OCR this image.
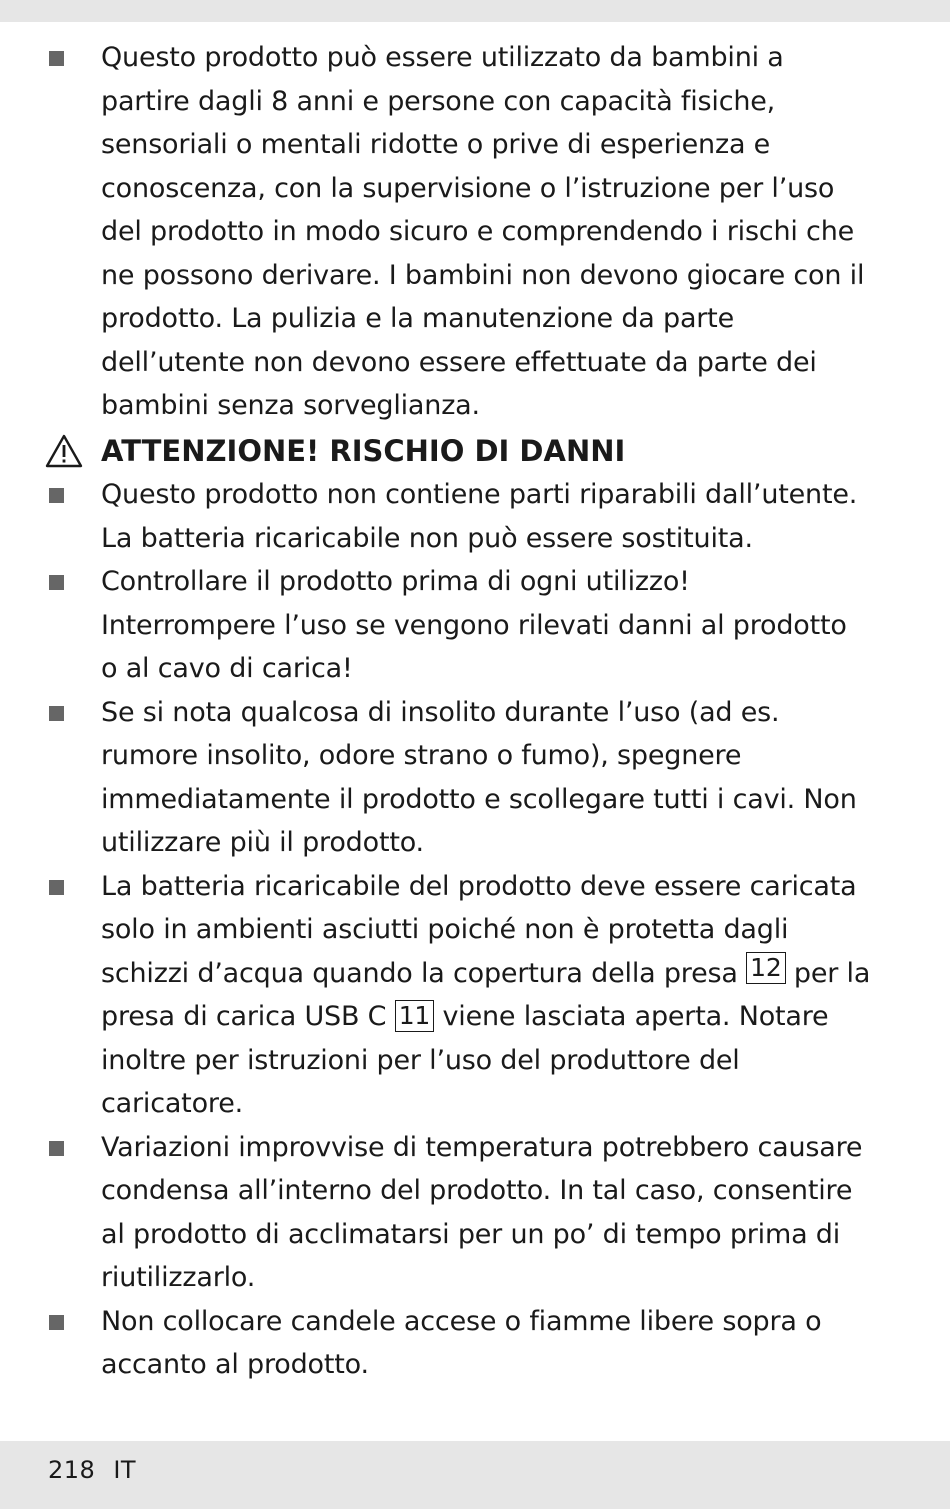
Questo prodotto può essere utilizzato da bambini a partire dagli 8 anni e persone con capacità fisiche, sensoriali o mentali ridotte o prive di esperienza e conoscenza, con la supervisione o l’istruzione per l’uso del prodotto in modo sicuro e comprendendo i rischi che ne possono derivare. I bambini non devono giocare con il prodotto. La pulizia e la manutenzione da parte dell’utente non devono essere effettuate da parte dei bambini senza sorveglianza.
ATTENZIONE! RISCHIO DI DANNI
Questo prodotto non contiene parti riparabili dall’utente. La batteria ricaricabile non può essere sostituita.
Controllare il prodotto prima di ogni utilizzo! Interrompere l’uso se vengono rilevati danni al prodotto o al cavo di carica!
Se si nota qualcosa di insolito durante l’uso (ad es. rumore insolito, odore strano o fumo), spegnere immediatamente il prodotto e scollegare tutti i cavi. Non utilizzare più il prodotto.
La batteria ricaricabile del prodotto deve essere caricata solo in ambienti asciutti poiché non è protetta dagli schizzi d’acqua quando la copertura della presa 12 per la presa di carica USB C 11 viene lasciata aperta. Notare inoltre per istruzioni per l’uso del produttore del caricatore.
Variazioni improvvise di temperatura potrebbero causare condensa all’interno del prodotto. In tal caso, consentire al prodotto di acclimatarsi per un po’ di tempo prima di riutilizzarlo.
Non collocare candele accese o fiamme libere sopra o accanto al prodotto.
218 IT
